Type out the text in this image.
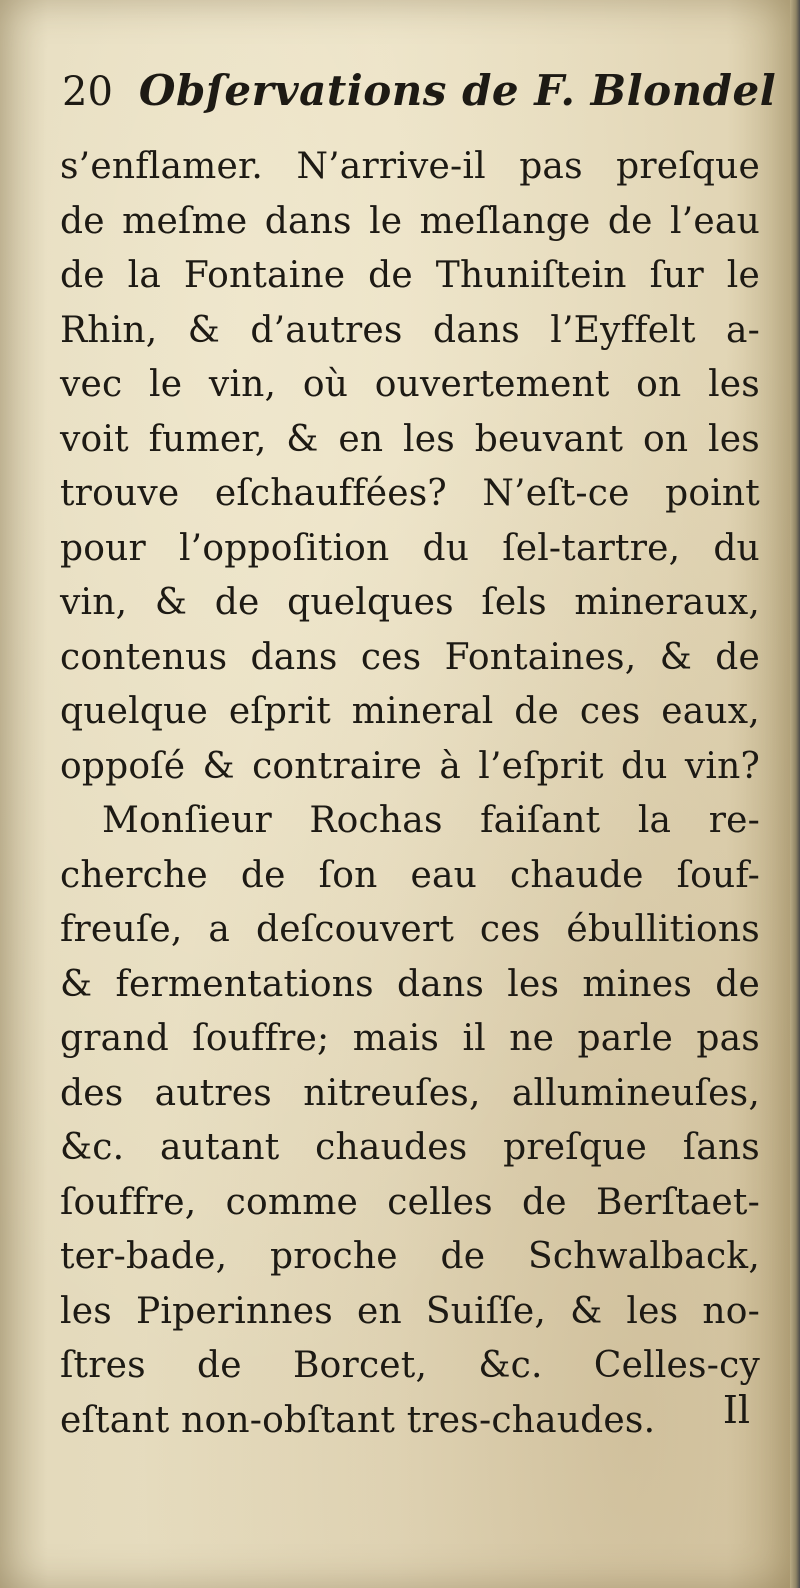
20 Obſervations de F. Blondel
s’enflamer. N’arrive-il pas preſque
de meſme dans le meſlange de l’eau
de la Fontaine de Thuniſtein ſur le
Rhin, & d’autres dans l’Eyffelt a-
vec le vin, où ouvertement on les
voit fumer, & en les beuvant on les
trouve eſchauffées? N’eſt-ce point
pour l’oppoſition du ſel-tartre, du
vin, & de quelques ſels mineraux,
contenus dans ces Fontaines, & de
quelque eſprit mineral de ces eaux,
oppoſé & contraire à l’eſprit du vin?
Monſieur Rochas faiſant la re-
cherche de ſon eau chaude ſouf-
freuſe, a deſcouvert ces ébullitions
& fermentations dans les mines de
grand ſouffre; mais il ne parle pas
des autres nitreuſes, allumineuſes,
&c. autant chaudes preſque ſans
ſouffre, comme celles de Berſtaet-
ter-bade, proche de Schwalback,
les Piperinnes en Suiſſe, & les no-
ſtres de Borcet, &c. Celles-cy
eſtant non-obſtant tres-chaudes. Il
